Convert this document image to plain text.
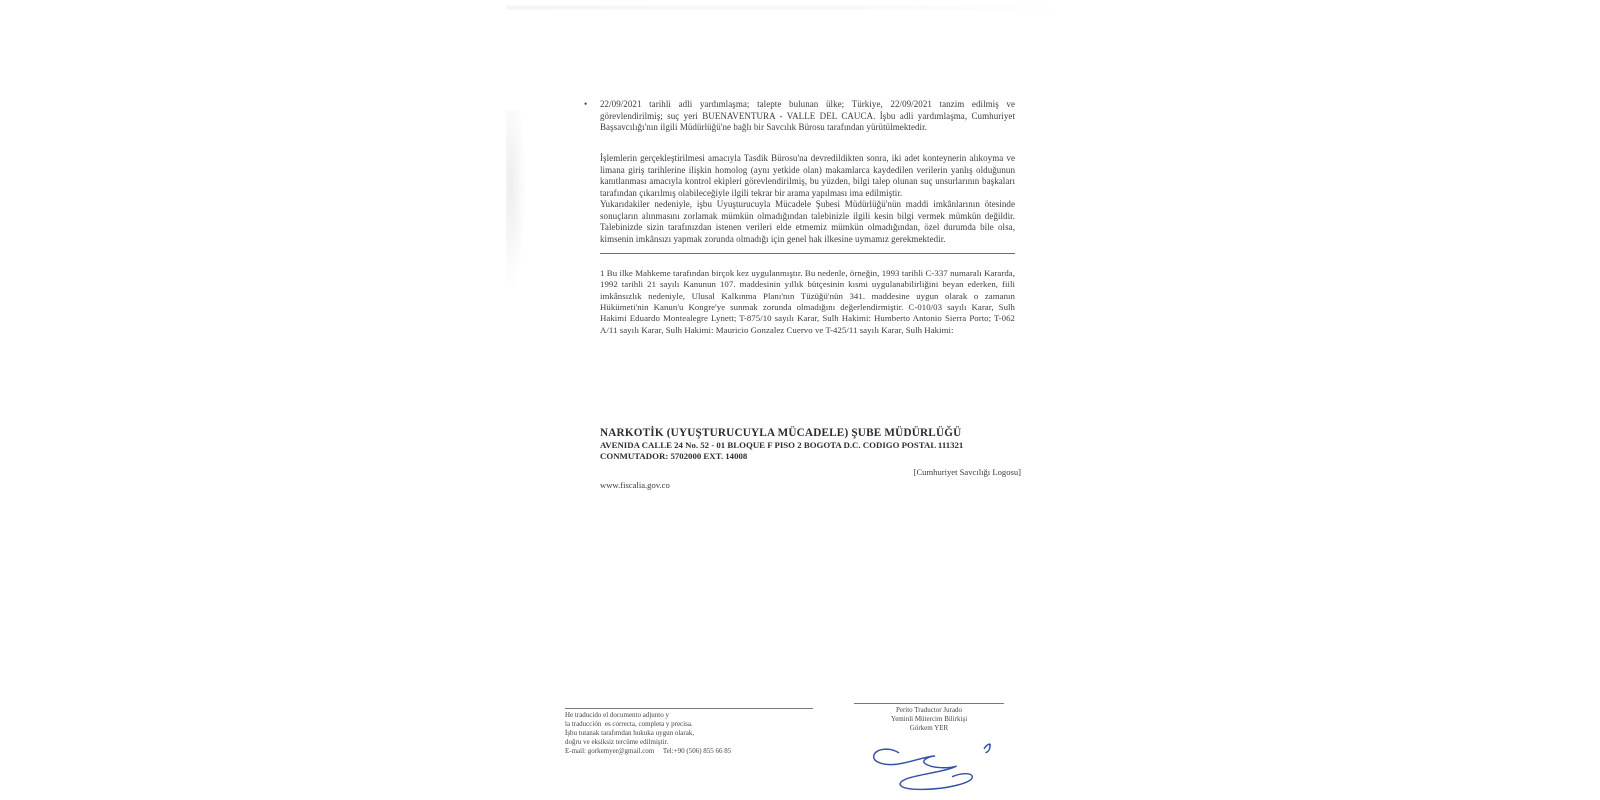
•	22/09/2021 tarihli adli yardımlaşma; talepte bulunan ülke; Türkiye, 22/09/2021 tanzim edilmiş ve görevlendirilmiş; suç yeri BUENAVENTURA - VALLE DEL CAUCA. İşbu adli yardımlaşma, Cumhuriyet Başsavcılığı'nın ilgili Müdürlüğü'ne bağlı bir Savcılık Bürosu tarafından yürütülmektedir.

İşlemlerin gerçekleştirilmesi amacıyla Tasdik Bürosu'na devredildikten sonra, iki adet konteynerin alıkoyma ve limana giriş tarihlerine ilişkin homolog (aynı yetkide olan) makamlarca kaydedilen verilerin yanlış olduğunun kanıtlanması amacıyla kontrol ekipleri görevlendirilmiş, bu yüzden, bilgi talep olunan suç unsurlarının başkaları tarafından çıkarılmış olabileceğiyle ilgili tekrar bir arama yapılması ima edilmiştir.

Yukarıdakiler nedeniyle, işbu Uyuşturucuyla Mücadele Şubesi Müdürlüğü'nün maddi imkânlarının ötesinde sonuçların alınmasını zorlamak mümkün olmadığından talebinizle ilgili kesin bilgi vermek mümkün değildir. Talebinizde sizin tarafınızdan istenen verileri elde etmemiz mümkün olmadığından, özel durumda bile olsa, kimsenin imkânsızı yapmak zorunda olmadığı için genel hak ilkesine uymamız gerekmektedir.

1 Bu ilke Mahkeme tarafından birçok kez uygulanmıştır. Bu nedenle, örneğin, 1993 tarihli C-337 numaralı Kararda, 1992 tarihli 21 sayılı Kanunun 107. maddesinin yıllık bütçesinin kısmi uygulanabilirliğini beyan ederken, fiili imkânsızlık nedeniyle, Ulusal Kalkınma Planı'nın Tüzüğü'nün 341. maddesine uygun olarak o zamanın Hükümeti'nin Kanun'u Kongre'ye sunmak zorunda olmadığını değerlendirmiştir. C-010/03 sayılı Karar, Sulh Hakimi Eduardo Montealegre Lynett; T-875/10 sayılı Karar, Sulh Hakimi: Humberto Antonio Sierra Porto; T-062 A/11 sayılı Karar, Sulh Hakimi: Mauricio Gonzalez Cuervo ve T-425/11 sayılı Karar, Sulh Hakimi:

NARKOTİK (UYUŞTURUCUYLA MÜCADELE) ŞUBE MÜDÜRLÜĞÜ
AVENIDA CALLE 24 No. 52 - 01 BLOQUE F PISO 2 BOGOTA D.C. CODIGO POSTAL 111321
CONMUTADOR: 5702000 EXT. 14008
[Cumhuriyet Savcılığı Logosu]
www.fiscalia.gov.co
He traducido el documento adjunto y
la traducción  es correcta, completa y precisa.
İşbu tutanak tarafımdan hukuka uygun olarak,
doğru ve eksiksiz tercüme edilmiştir.
E-mail: gorkemyer@gmail.com     Tel:+90 (506) 855 66 85
Perito Traductor Jurado
Yeminli Mütercim Bilirkişi
Görkem YER
